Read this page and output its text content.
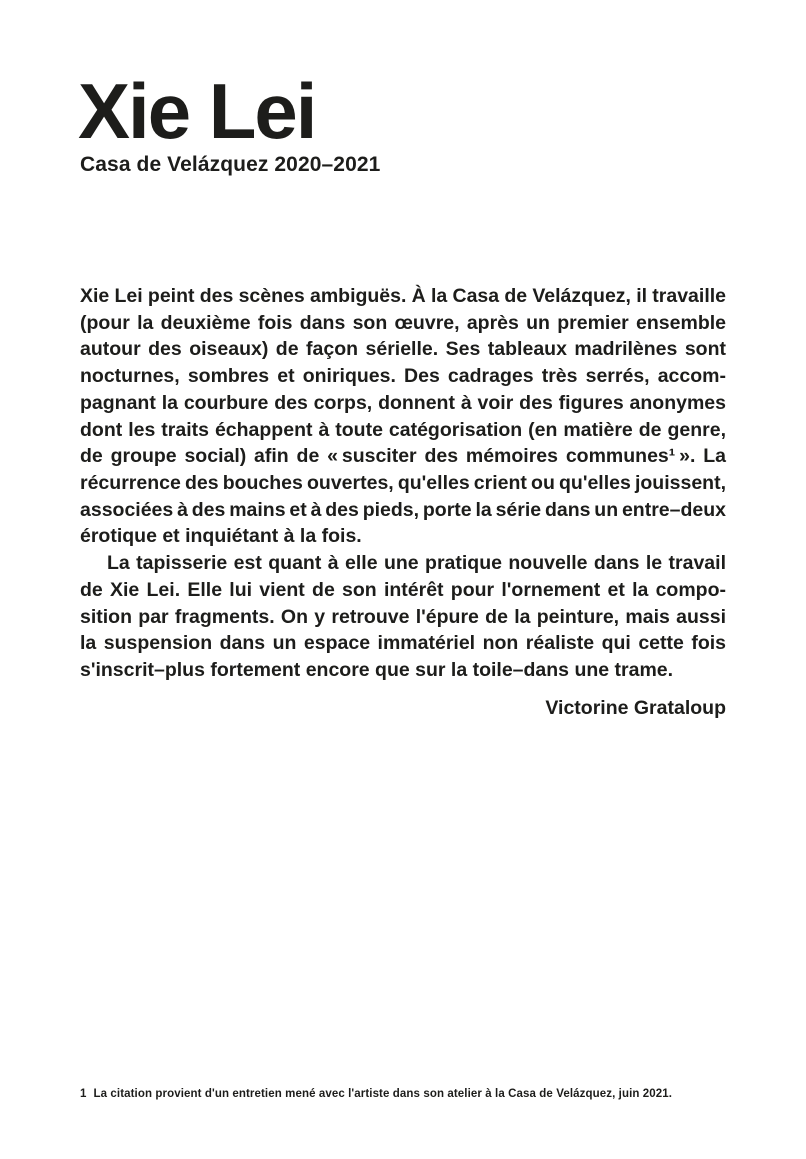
Xie Lei
Casa de Velázquez 2020–2021
Xie Lei peint des scènes ambiguës. À la Casa de Velázquez, il travaille
(pour la deuxième fois dans son œuvre, après un premier ensemble
autour des oiseaux) de façon sérielle. Ses tableaux madrilènes sont
nocturnes, sombres et oniriques. Des cadrages très serrés, accom-
pagnant la courbure des corps, donnent à voir des figures anonymes
dont les traits échappent à toute catégorisation (en matière de genre,
de groupe social) afin de « susciter des mémoires communes¹ ». La
récurrence des bouches ouvertes, qu'elles crient ou qu'elles jouissent,
associées à des mains et à des pieds, porte la série dans un entre–deux
érotique et inquiétant à la fois.
La tapisserie est quant à elle une pratique nouvelle dans le travail
de Xie Lei. Elle lui vient de son intérêt pour l'ornement et la compo-
sition par fragments. On y retrouve l'épure de la peinture, mais aussi
la suspension dans un espace immatériel non réaliste qui cette fois
s'inscrit–plus fortement encore que sur la toile–dans une trame.
Victorine Grataloup
1 La citation provient d'un entretien mené avec l'artiste dans son atelier à la Casa de Velázquez, juin 2021.
